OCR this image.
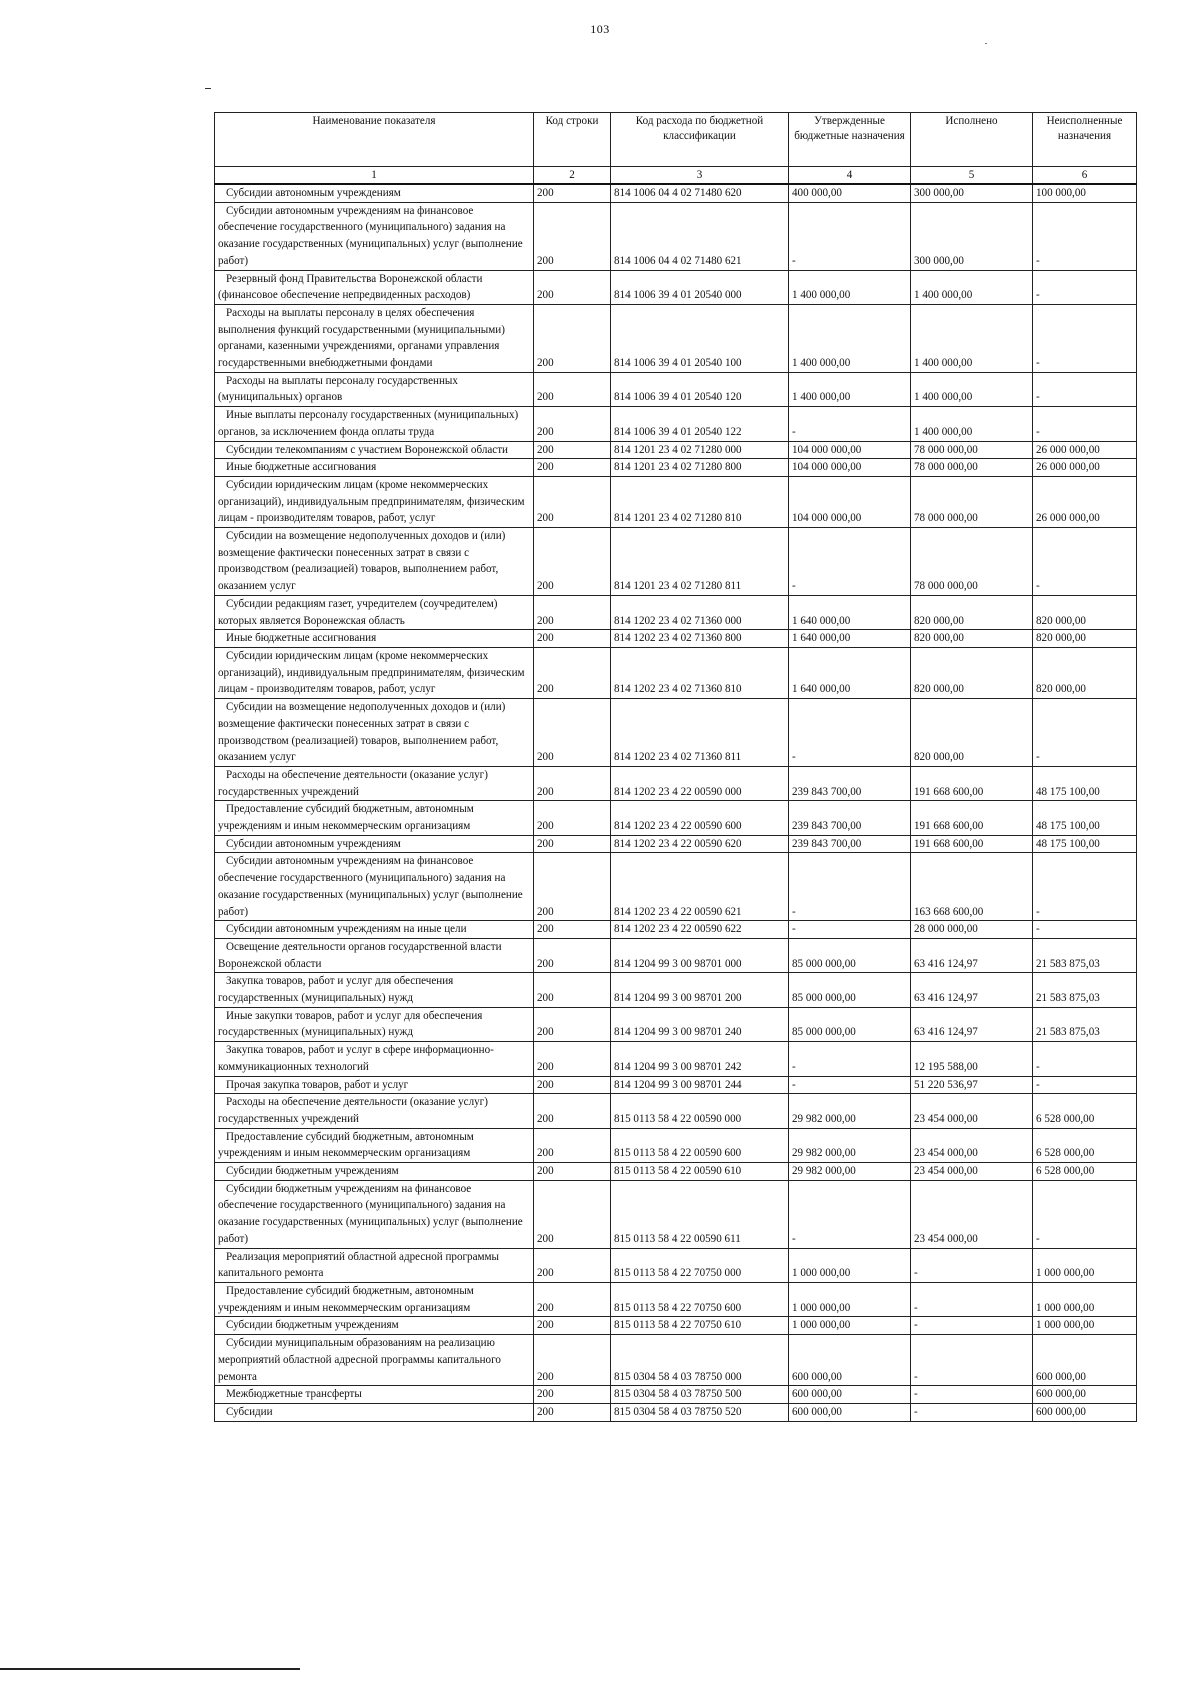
103
Наименование показателя	Код строки	Код расхода по бюджетной классификации	Утвержденные бюджетные назначения	Исполнено	Неисполненные назначения
1	2	3	4	5	6
Субсидии автономным учреждениям	200	814 1006 04 4 02 71480 620	400 000,00	300 000,00	100 000,00
Субсидии автономным учреждениям на финансовое обеспечение государственного (муниципального) задания на оказание государственных (муниципальных) услуг (выполнение работ)	200	814 1006 04 4 02 71480 621	-	300 000,00	-
Резервный фонд Правительства Воронежской области (финансовое обеспечение непредвиденных расходов)	200	814 1006 39 4 01 20540 000	1 400 000,00	1 400 000,00	-
Расходы на выплаты персоналу в целях обеспечения выполнения функций государственными (муниципальными) органами, казенными учреждениями, органами управления государственными внебюджетными фондами	200	814 1006 39 4 01 20540 100	1 400 000,00	1 400 000,00	-
Расходы на выплаты персоналу государственных (муниципальных) органов	200	814 1006 39 4 01 20540 120	1 400 000,00	1 400 000,00	-
Иные выплаты персоналу государственных (муниципальных) органов, за исключением фонда оплаты труда	200	814 1006 39 4 01 20540 122	-	1 400 000,00	-
Субсидии телекомпаниям с участием Воронежской области	200	814 1201 23 4 02 71280 000	104 000 000,00	78 000 000,00	26 000 000,00
Иные бюджетные ассигнования	200	814 1201 23 4 02 71280 800	104 000 000,00	78 000 000,00	26 000 000,00
Субсидии юридическим лицам (кроме некоммерческих организаций), индивидуальным предпринимателям, физическим лицам - производителям товаров, работ, услуг	200	814 1201 23 4 02 71280 810	104 000 000,00	78 000 000,00	26 000 000,00
Субсидии на возмещение недополученных доходов и (или) возмещение фактически понесенных затрат в связи с производством (реализацией) товаров, выполнением работ, оказанием услуг	200	814 1201 23 4 02 71280 811	-	78 000 000,00	-
Субсидии редакциям газет, учредителем (соучредителем) которых является Воронежская область	200	814 1202 23 4 02 71360 000	1 640 000,00	820 000,00	820 000,00
Иные бюджетные ассигнования	200	814 1202 23 4 02 71360 800	1 640 000,00	820 000,00	820 000,00
Субсидии юридическим лицам (кроме некоммерческих организаций), индивидуальным предпринимателям, физическим лицам - производителям товаров, работ, услуг	200	814 1202 23 4 02 71360 810	1 640 000,00	820 000,00	820 000,00
Субсидии на возмещение недополученных доходов и (или) возмещение фактически понесенных затрат в связи с производством (реализацией) товаров, выполнением работ, оказанием услуг	200	814 1202 23 4 02 71360 811	-	820 000,00	-
Расходы на обеспечение деятельности (оказание услуг) государственных учреждений	200	814 1202 23 4 22 00590 000	239 843 700,00	191 668 600,00	48 175 100,00
Предоставление субсидий бюджетным, автономным учреждениям и иным некоммерческим организациям	200	814 1202 23 4 22 00590 600	239 843 700,00	191 668 600,00	48 175 100,00
Субсидии автономным учреждениям	200	814 1202 23 4 22 00590 620	239 843 700,00	191 668 600,00	48 175 100,00
Субсидии автономным учреждениям на финансовое обеспечение государственного (муниципального) задания на оказание государственных (муниципальных) услуг (выполнение работ)	200	814 1202 23 4 22 00590 621	-	163 668 600,00	-
Субсидии автономным учреждениям на иные цели	200	814 1202 23 4 22 00590 622	-	28 000 000,00	-
Освещение деятельности органов государственной власти Воронежской области	200	814 1204 99 3 00 98701 000	85 000 000,00	63 416 124,97	21 583 875,03
Закупка товаров, работ и услуг для обеспечения государственных (муниципальных) нужд	200	814 1204 99 3 00 98701 200	85 000 000,00	63 416 124,97	21 583 875,03
Иные закупки товаров, работ и услуг для обеспечения государственных (муниципальных) нужд	200	814 1204 99 3 00 98701 240	85 000 000,00	63 416 124,97	21 583 875,03
Закупка товаров, работ и услуг в сфере информационно-коммуникационных технологий	200	814 1204 99 3 00 98701 242	-	12 195 588,00	-
Прочая закупка товаров, работ и услуг	200	814 1204 99 3 00 98701 244	-	51 220 536,97	-
Расходы на обеспечение деятельности (оказание услуг) государственных учреждений	200	815 0113 58 4 22 00590 000	29 982 000,00	23 454 000,00	6 528 000,00
Предоставление субсидий бюджетным, автономным учреждениям и иным некоммерческим организациям	200	815 0113 58 4 22 00590 600	29 982 000,00	23 454 000,00	6 528 000,00
Субсидии бюджетным учреждениям	200	815 0113 58 4 22 00590 610	29 982 000,00	23 454 000,00	6 528 000,00
Субсидии бюджетным учреждениям на финансовое обеспечение государственного (муниципального) задания на оказание государственных (муниципальных) услуг (выполнение работ)	200	815 0113 58 4 22 00590 611	-	23 454 000,00	-
Реализация мероприятий областной адресной программы капитального ремонта	200	815 0113 58 4 22 70750 000	1 000 000,00	-	1 000 000,00
Предоставление субсидий бюджетным, автономным учреждениям и иным некоммерческим организациям	200	815 0113 58 4 22 70750 600	1 000 000,00	-	1 000 000,00
Субсидии бюджетным учреждениям	200	815 0113 58 4 22 70750 610	1 000 000,00	-	1 000 000,00
Субсидии муниципальным образованиям на реализацию мероприятий областной адресной программы капитального ремонта	200	815 0304 58 4 03 78750 000	600 000,00	-	600 000,00
Межбюджетные трансферты	200	815 0304 58 4 03 78750 500	600 000,00	-	600 000,00
Субсидии	200	815 0304 58 4 03 78750 520	600 000,00	-	600 000,00
